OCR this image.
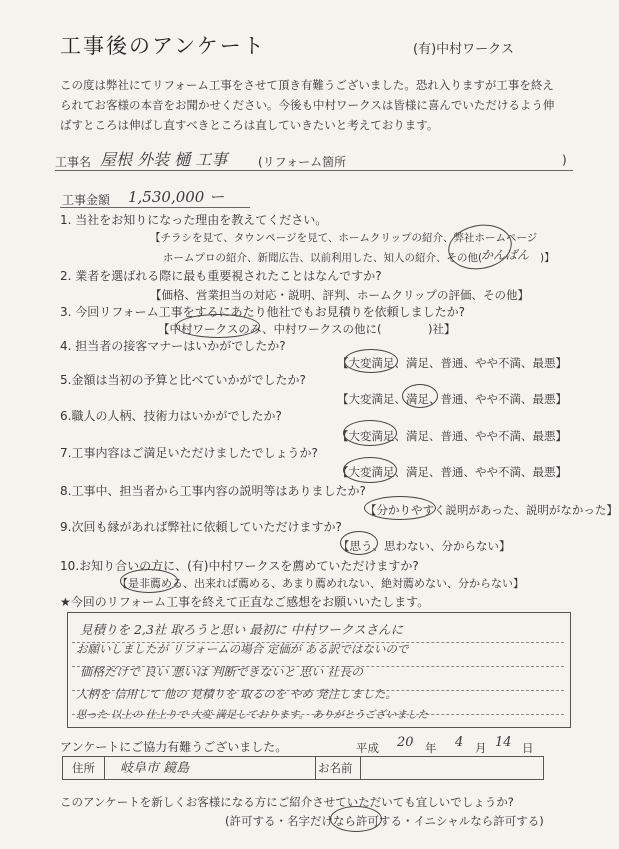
工事後のアンケート	(有)中村ワークス
この度は弊社にてリフォーム工事をさせて頂き有難うございました。恐れ入りますが工事を終え
られてお客様の本音をお聞かせください。今後も中村ワークスは皆様に喜んでいただけるよう伸
ばすところは伸ばし直すべきところは直していきたいと考えております。
工事名 屋根 外装 樋 工事	(リフォーム箇所	)
工事金額 1,530,000 ー
1. 当社をお知りになった理由を教えてください。
【チラシを見て、タウンページを見て、ホームクリップの紹介、弊社ホームページ
ホームプロの紹介、新聞広告、以前利用した、知人の紹介、その他(
かんばん )】
2. 業者を選ばれる際に最も重要視されたことはなんですか?
【価格、営業担当の対応・説明、評判、ホームクリップの評価、その他】
3. 今回リフォーム工事をするにあたり他社でもお見積りを依頼しましたか?
【中村ワークスのみ、中村ワークスの他に(	)社】
4. 担当者の接客マナーはいかがでしたか?
【大変満足、満足、普通、やや不満、最悪】
5.金額は当初の予算と比べていかがでしたか?
【大変満足、満足、普通、やや不満、最悪】
6.職人の人柄、技術力はいかがでしたか?
【大変満足、満足、普通、やや不満、最悪】
7.工事内容はご満足いただけましたでしょうか?
【大変満足、満足、普通、やや不満、最悪】
8.工事中、担当者から工事内容の説明等はありましたか?
【分かりやすく説明があった、説明がなかった】
9.次回も縁があれば弊社に依頼していただけますか?
【思う、思わない、分からない】
10.お知り合いの方に、(有)中村ワークスを薦めていただけますか?
【是非薦める、出来れば薦める、あまり薦めれない、絶対薦めない、分からない】
★今回のリフォーム工事を終えて正直なご感想をお願いいたします。
見積りを 2,3社 取ろうと思い 最初に 中村ワークスさんに
お願いしましたが リフォームの場合 定価が ある訳ではないので
価格だけで 良い 悪いは 判断できないと 思い 社長の
人柄を 信用して 他の 見積りを 取るのを やめ 発注しました。
思った 以上の 仕上りで 大変 満足しております。 ありがとうございました
アンケートにご協力有難うございました。	平成 20 年 4 月 14 日
住所 岐阜市 鏡島	お名前
このアンケートを新しくお客様になる方にご紹介させていただいても宜しいでしょうか?
(許可する・名字だけなら許可する・イニシャルなら許可する)
